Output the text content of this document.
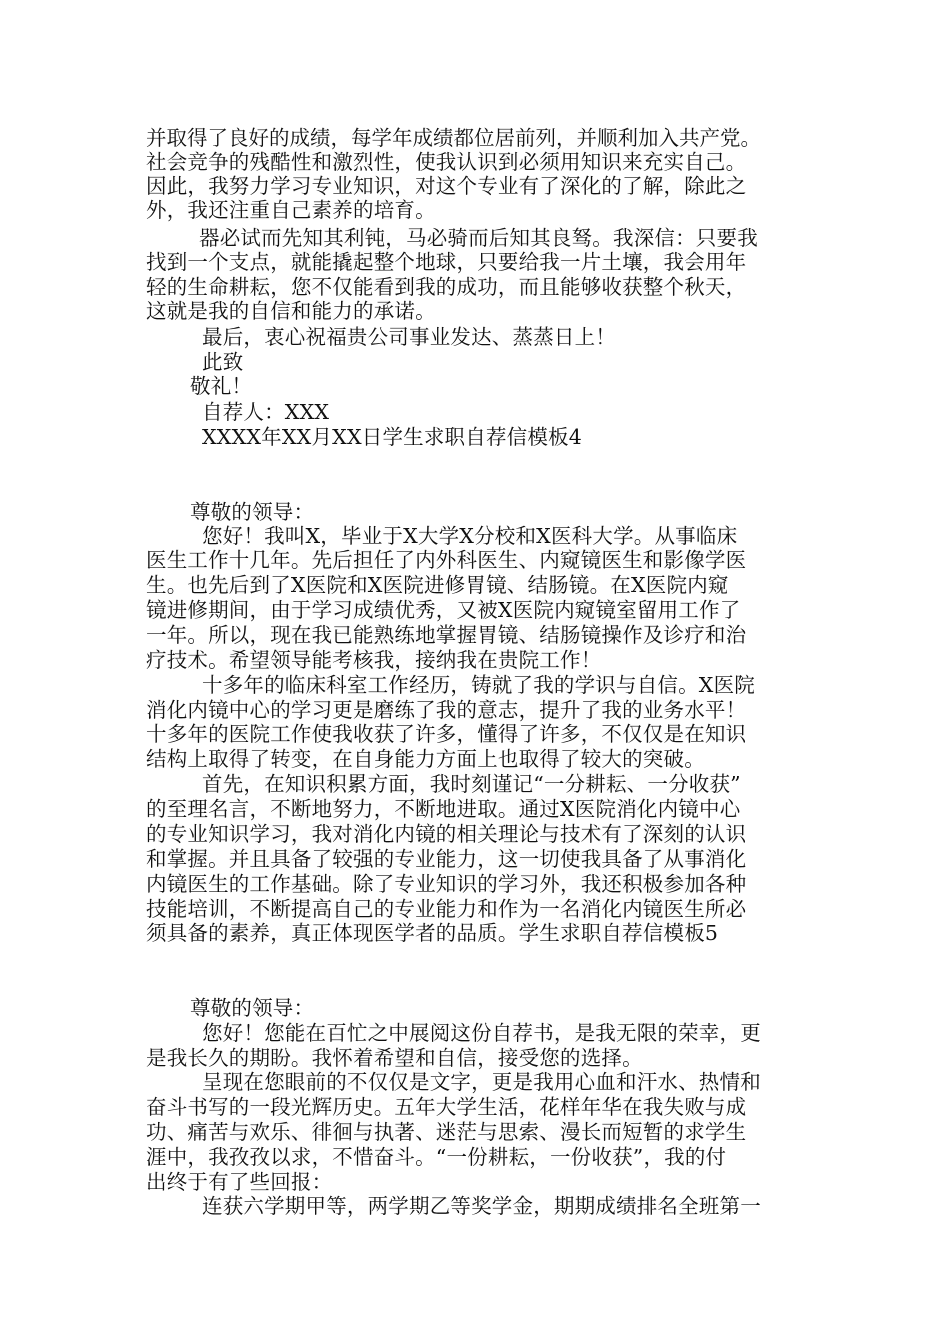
并取得了良好的成绩，每学年成绩都位居前列，并顺利加入共产党。
社会竞争的残酷性和激烈性，使我认识到必须用知识来充实自己。
因此，我努力学习专业知识，对这个专业有了深化的了解，除此之
外，我还注重自己素养的培育。
器必试而先知其利钝，马必骑而后知其良驽。我深信：只要我
找到一个支点，就能撬起整个地球，只要给我一片土壤，我会用年
轻的生命耕耘，您不仅能看到我的成功，而且能够收获整个秋天，
这就是我的自信和能力的承诺。
最后，衷心祝福贵公司事业发达、蒸蒸日上！
此致
敬礼！
自荐人：XXX
XXXX年XX月XX日学生求职自荐信模板4
尊敬的领导：
您好！我叫X，毕业于X大学X分校和X医科大学。从事临床
医生工作十几年。先后担任了内外科医生、内窥镜医生和影像学医
生。也先后到了X医院和X医院进修胃镜、结肠镜。在X医院内窥
镜进修期间，由于学习成绩优秀，又被X医院内窥镜室留用工作了
一年。所以，现在我已能熟练地掌握胃镜、结肠镜操作及诊疗和治
疗技术。希望领导能考核我，接纳我在贵院工作！
十多年的临床科室工作经历，铸就了我的学识与自信。X医院
消化内镜中心的学习更是磨练了我的意志，提升了我的业务水平！
十多年的医院工作使我收获了许多，懂得了许多，不仅仅是在知识
结构上取得了转变，在自身能力方面上也取得了较大的突破。
首先，在知识积累方面，我时刻谨记“一分耕耘、一分收获”
的至理名言，不断地努力，不断地进取。通过X医院消化内镜中心
的专业知识学习，我对消化内镜的相关理论与技术有了深刻的认识
和掌握。并且具备了较强的专业能力，这一切使我具备了从事消化
内镜医生的工作基础。除了专业知识的学习外，我还积极参加各种
技能培训，不断提高自己的专业能力和作为一名消化内镜医生所必
须具备的素养，真正体现医学者的品质。学生求职自荐信模板5
尊敬的领导：
您好！您能在百忙之中展阅这份自荐书，是我无限的荣幸，更
是我长久的期盼。我怀着希望和自信，接受您的选择。
呈现在您眼前的不仅仅是文字，更是我用心血和汗水、热情和
奋斗书写的一段光辉历史。五年大学生活，花样年华在我失败与成
功、痛苦与欢乐、徘徊与执著、迷茫与思索、漫长而短暂的求学生
涯中，我孜孜以求，不惜奋斗。“一份耕耘，一份收获”，我的付
出终于有了些回报：
连获六学期甲等，两学期乙等奖学金，期期成绩排名全班第一
